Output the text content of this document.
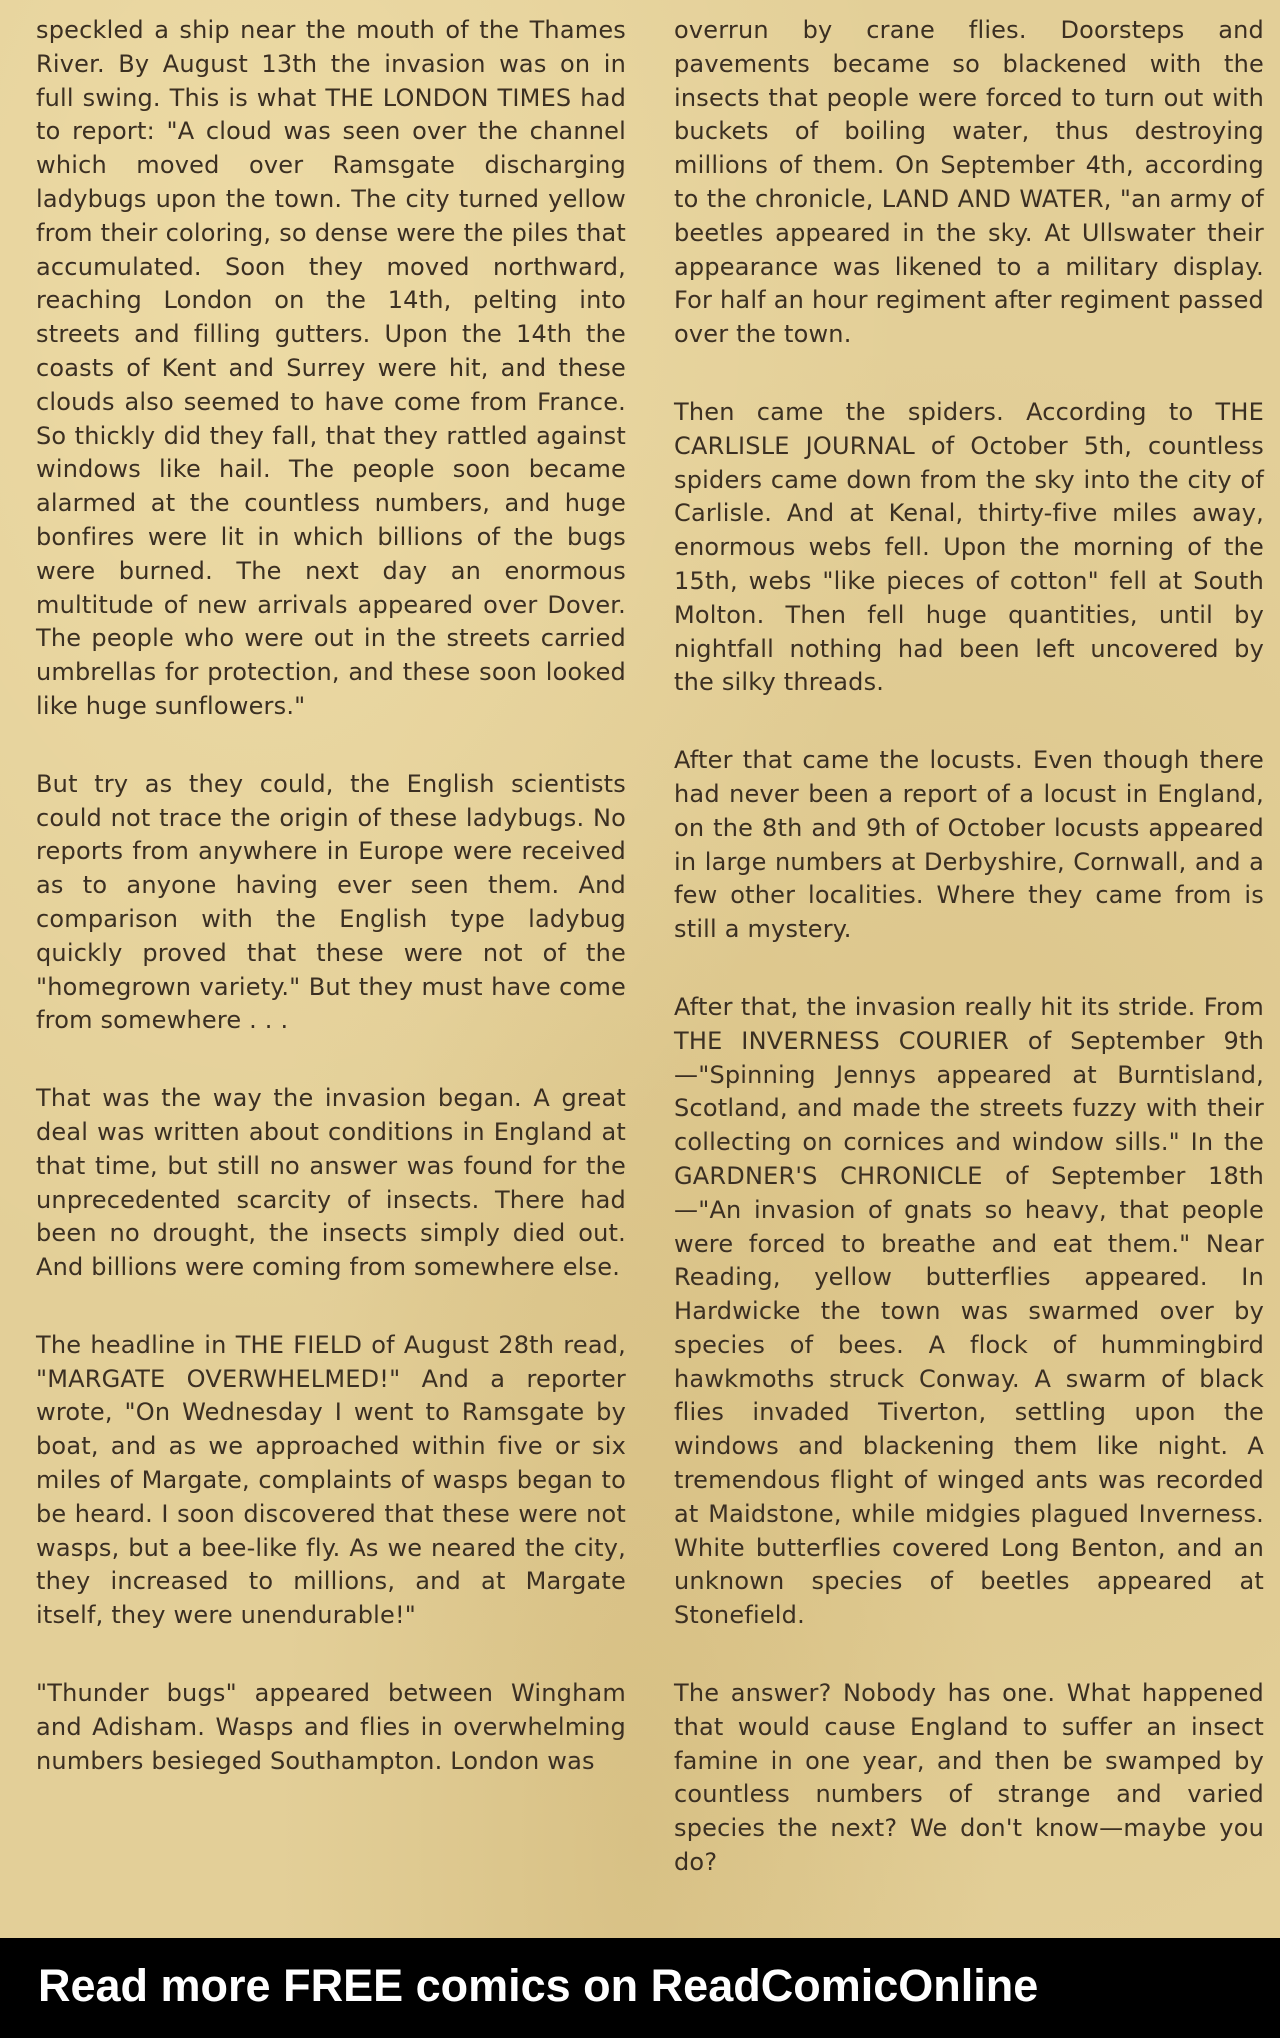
speckled a ship near the mouth of the Thames River. By August 13th the invasion was on in full swing. This is what THE LONDON TIMES had to report: "A cloud was seen over the channel which moved over Ramsgate discharging ladybugs upon the town. The city turned yellow from their coloring, so dense were the piles that accumulated. Soon they moved northward, reaching London on the 14th, pelting into streets and filling gutters. Upon the 14th the coasts of Kent and Surrey were hit, and these clouds also seemed to have come from France. So thickly did they fall, that they rattled against windows like hail. The people soon became alarmed at the countless numbers, and huge bonfires were lit in which billions of the bugs were burned. The next day an enormous multitude of new arrivals appeared over Dover. The people who were out in the streets carried umbrellas for protection, and these soon looked like huge sunflowers."

But try as they could, the English scientists could not trace the origin of these ladybugs. No reports from anywhere in Europe were received as to anyone having ever seen them. And comparison with the English type ladybug quickly proved that these were not of the "homegrown variety." But they must have come from somewhere . . .

That was the way the invasion began. A great deal was written about conditions in England at that time, but still no answer was found for the unprecedented scarcity of insects. There had been no drought, the insects simply died out. And billions were coming from somewhere else.

The headline in THE FIELD of August 28th read, "MARGATE OVERWHELMED!" And a reporter wrote, "On Wednesday I went to Ramsgate by boat, and as we approached within five or six miles of Margate, complaints of wasps began to be heard. I soon discovered that these were not wasps, but a bee-like fly. As we neared the city, they increased to millions, and at Margate itself, they were unendurable!"

"Thunder bugs" appeared between Wingham and Adisham. Wasps and flies in overwhelming numbers besieged Southampton. London was

overrun by crane flies. Doorsteps and pavements became so blackened with the insects that people were forced to turn out with buckets of boiling water, thus destroying millions of them. On September 4th, according to the chronicle, LAND AND WATER, "an army of beetles appeared in the sky. At Ullswater their appearance was likened to a military display. For half an hour regiment after regiment passed over the town.

Then came the spiders. According to THE CARLISLE JOURNAL of October 5th, countless spiders came down from the sky into the city of Carlisle. And at Kenal, thirty-five miles away, enormous webs fell. Upon the morning of the 15th, webs "like pieces of cotton" fell at South Molton. Then fell huge quantities, until by nightfall nothing had been left uncovered by the silky threads.

After that came the locusts. Even though there had never been a report of a locust in England, on the 8th and 9th of October locusts appeared in large numbers at Derbyshire, Cornwall, and a few other localities. Where they came from is still a mystery.

After that, the invasion really hit its stride. From THE INVERNESS COURIER of September 9th—"Spinning Jennys appeared at Burntisland, Scotland, and made the streets fuzzy with their collecting on cornices and window sills." In the GARDNER'S CHRONICLE of September 18th—"An invasion of gnats so heavy, that people were forced to breathe and eat them." Near Reading, yellow butterflies appeared. In Hardwicke the town was swarmed over by species of bees. A flock of hummingbird hawkmoths struck Conway. A swarm of black flies invaded Tiverton, settling upon the windows and blackening them like night. A tremendous flight of winged ants was recorded at Maidstone, while midgies plagued Inverness. White butterflies covered Long Benton, and an unknown species of beetles appeared at Stonefield.

The answer? Nobody has one. What happened that would cause England to suffer an insect famine in one year, and then be swamped by countless numbers of strange and varied species the next? We don't know—maybe you do?

Read more FREE comics on ReadComicOnline
